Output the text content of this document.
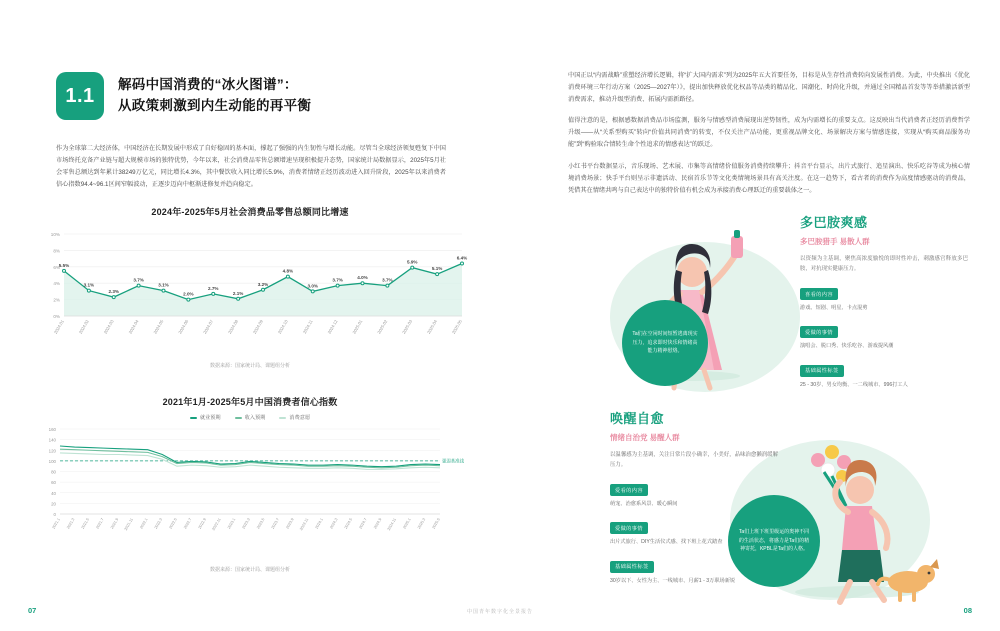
1.1	解码中国消费的“冰火图谱”：
从政策刺激到内生动能的再平衡
作为全球第二大经济体，中国经济在长期发展中形成了自好稳固的基本面，撑起了强强的内生韧性与增长动能。尽管当全球经济领复甦复下中国市场终托克备产业链与超大规模市场的独特优势，今年以来，社会消费品零售总额增速呈现积极提升态势，国家统计局数据显示，2025年5月社会零售总额达到年累计38249万亿元，同比增长4.3%，其中餐饮收入同比增长5.9%，消费者情绪正经历波动进入回升阶段，2025年以来消费者信心指数94.4~96.1区间窄幅波动，正逐步迈向中枢渐进修复并趋向稳定。
2024年-2025年5月社会消费品零售总额同比增速
0%
2%
4%
6%
8%
10%
5.5%
3.1%
2.3%
3.7%
3.1%
2.0%
2.7%
2.1%
3.2%
4.8%
3.0%
3.7%	4.0%	3.7%
5.9%
5.1%
6.4%
2024.01	2024.02	2024.03	2024.04	2024.05	2024.06	2024.07	2024.08	2024.09	2024.10	2024.11	2024.12	2025.01	2025.02	2025.03	2025.04	2025.05
数据来源：国家统计局、课题组分析
2021年1月-2025年5月中国消费者信心指数
就业预期	收入预期	消费意愿
0
20
40
60
80
100
120
140
160
强弱基准线
2021.1 2021.3 2021.5 2021.7 2021.9 2021.11 2022.1 2022.3 2022.5 2022.7 2022.9 2022.11 2023.1 2023.3 2023.5 2023.7 2023.9 2023.11 2024.1 2024.3 2024.5 2024.7 2024.9 2024.11 2025.1 2025.3 2025.5
数据来源：国家统计局、课题组分析
07

中国正以“内需战略”重塑经济增长逻辑，将“扩大国内需求”列为2025年五大首要任务，目标是从生存性消费转向发展性消费。为此，中央推出《优化消费环境三年行动方案（2025—2027年）》，提出加快释放优化权品等品类的精品化、国潮化、时尚化升级，并通过全国精品首发等等举措激活新型消费需求，推动升级型消费、拓展内需新路径。

值得注意的是，根据感数据消费品市场监测，服务与情感型消费展现出逆势韧性，成为内需增长的重要支点。这反映出当代消费者正经历消费哲学升级——从“关系型购买”转向“价值共同消费”的转变，不仅关注产品功能，更重视品牌文化、场景解决方案与情感连接，实现从“购买商品服务功能”到“购验取合情转生命个性追求的情感表达”的跃迁。

小红书平台数据显示，音乐现场、艺术展、市集等高情绪价值服务消费持续攀升；抖音平台显示，出片式旅行、追星演出、快乐吃谷等成为核心情境消费场景；快手平台则呈示非遗活动、民宿首乐节等文化类情境场景具有高关注度。在这一趋势下，看古者的消费作为高度情感驱动的消费品，凭借其在情绪共鸣与自己表达中的独特价值有机会成为承接消费心理跃迁的重要载体之一。

Ta们在空闲时间短暂逃离现实压力，追求即时快乐和情绪高能力精神慰烙。
Ta们上班下班里级运的奥神不同的生活状态，将感力是Ta们的精神寄托，KPBL是Ta们的人格。
多巴胺爽感
多巴胺猎手 易散人群
以资频为主基调，聚焦高浓度愉悦的即时性冲击，刺激感官释放多巴胺，对抗现实健康压力。
喜看的内容
游戏、短剧、明星、卡点混剪
爱做的事情
演唱会、脱口秀、快乐吃谷、游戏提风潮
基础属性标签
25 - 30岁、男女均衡、一二线城市、996打工人
唤醒自愈
情绪自治党 易醒人群
以温馨感为主基调，关注日常片段小确幸，小美好，品味治愈獭润缓解压力。
爱看的内容
萌宠、治愈系风景、暖心瞬间
爱做的事情
出片式旅行、DIY生活仪式感、找下班上花式踏查
基础属性标签
30岁以下、女性为主、一线城市、月薪1 - 3万职场新锐
08
中国青年数字化全景报告
